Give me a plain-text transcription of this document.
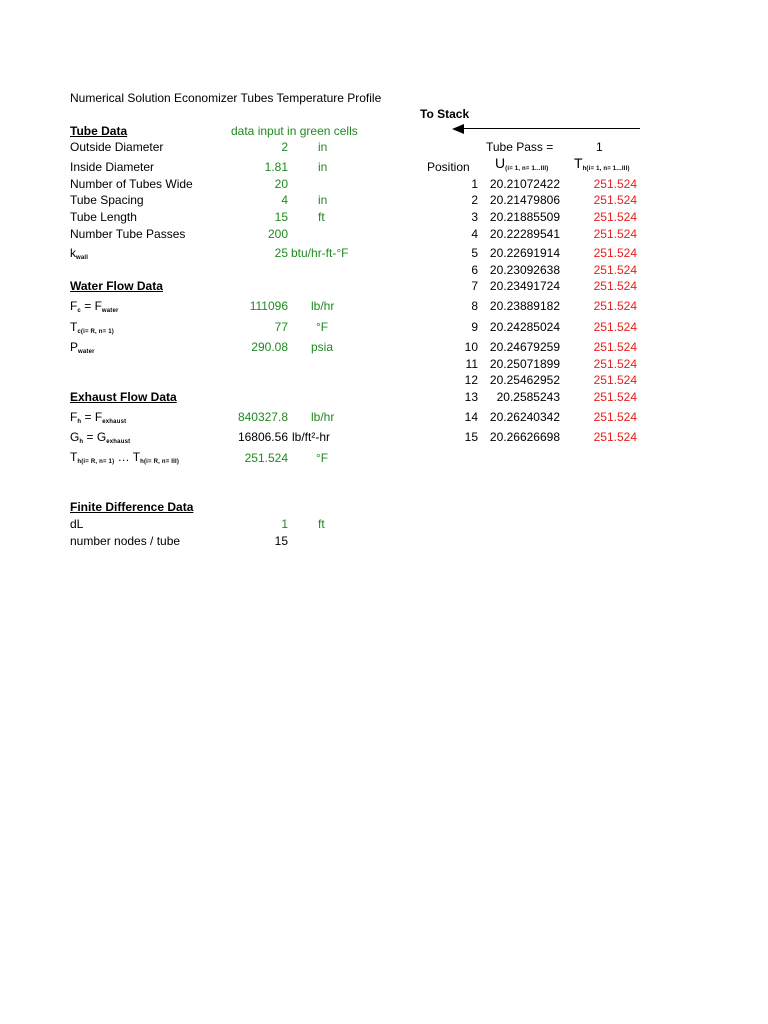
Numerical Solution Economizer Tubes Temperature Profile
Tube Data	data input in green cells
Outside Diameter	2	in
Inside Diameter	1.81	in
Number of Tubes Wide	20
Tube Spacing	4	in
Tube Length	15	ft
Number Tube Passes	200
$k_{wall}$	25 btu/hr-ft-°F
Water Flow Data
$F_c = F_{water}$	111096 lb/hr
$T_{c(i= R, n= 1)}$	77 °F
$P_{water}$	290.08 psia
Exhaust Flow Data
$F_h = F_{exhaust}$	840327.8 lb/hr
$G_h = G_{exhaust}$	16806.56 lb/ft²-hr
$T_{h(i= R, n= 1)}$ … $T_{h(i= R, n= III)}$	251.524 °F
Finite Difference Data
dL	1	ft
number nodes / tube	15
To Stack
Tube Pass =	1
Position $U_{(i= 1, n= 1...III)}$ $T_{h(i= 1, n= 1...III)}$
1 20.21072422	251.524
2 20.21479806	251.524
3 20.21885509	251.524
4 20.22289541	251.524
5 20.22691914	251.524
6 20.23092638	251.524
7 20.23491724	251.524
8 20.23889182	251.524
9 20.24285024	251.524
10 20.24679259	251.524
11 20.25071899	251.524
12 20.25462952	251.524
13	20.2585243	251.524
14 20.26240342	251.524
15 20.26626698	251.524
